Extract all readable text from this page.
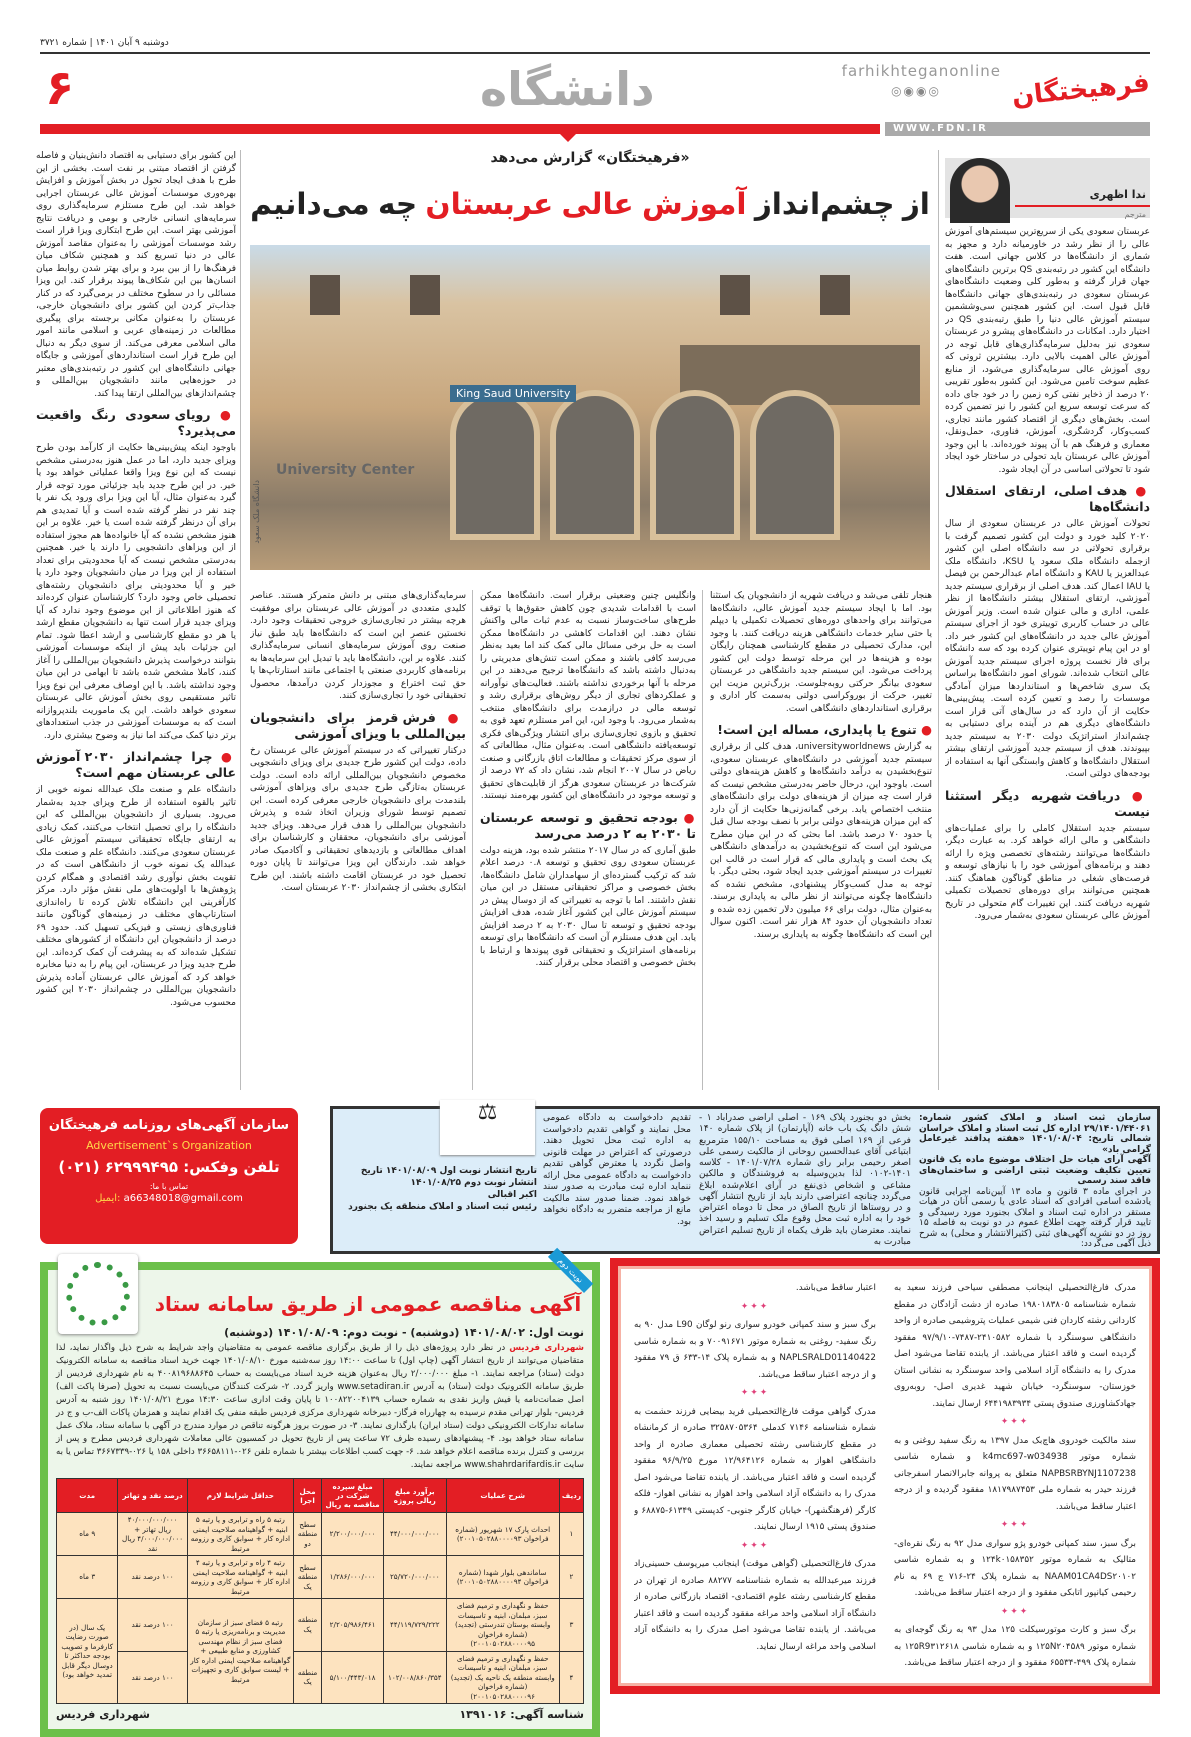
دوشنبه ۹ آبان ۱۴۰۱ | شماره ۳۷۲۱
فرهیختگان
farhikhteganonline
◎◉◉◎
دانشگاه
۶
WWW.FDN.IR
«فرهیختگان» گزارش می‌دهد
از چشم‌انداز آموزش عالی عربستان چه می‌دانیم
King Saud University
University Center
دانشگاه ملک سعود
ندا اظهری
مترجم

عربستان سعودی یکی از سریع‌ترین سیستم‌های آموزش عالی را از نظر رشد در خاورمیانه دارد و مجهز به شماری از دانشگاه‌ها در کلاس جهانی است. هفت دانشگاه این کشور در رتبه‌بندی QS برترین دانشگاه‌های جهان قرار گرفته و به‌طور کلی وضعیت دانشگاه‌های عربستان سعودی در رتبه‌بندی‌های جهانی دانشگاه‌ها قابل قبول است. این کشور همچنین سی‌وششمین سیستم آموزش عالی دنیا را طبق رتبه‌بندی QS در اختیار دارد. امکانات در دانشگاه‌های پیشرو در عربستان سعودی نیز به‌دلیل سرمایه‌گذاری‌های قابل توجه در آموزش عالی اهمیت بالایی دارد. بیشترین ثروتی که روی آموزش عالی سرمایه‌گذاری می‌شود، از منابع عظیم سوخت تامین می‌شود. این کشور به‌طور تقریبی ۲۰ درصد از ذخایر نفتی کره زمین را در خود جای داده که سرعت توسعه سریع این کشور را نیز تضمین کرده است. بخش‌های دیگری از اقتصاد کشور مانند تجاری، کسب‌وکار، گردشگری، آموزش، فناوری، حمل‌ونقل، معماری و فرهنگ هم با آن پیوند خورده‌اند. با این وجود آموزش عالی عربستان باید تحولی در ساختار خود ایجاد شود تا تحولاتی اساسی در آن ایجاد شود.

● هدف اصلی، ارتقای استقلال دانشگاه‌ها

تحولات آموزش عالی در عربستان سعودی از سال ۲۰۲۰ کلید خورد و دولت این کشور تصمیم گرفت با برقراری تحولاتی در سه دانشگاه اصلی این کشور ازجمله دانشگاه ملک سعود یا KSU، دانشگاه ملک عبدالعزیز یا KAU و دانشگاه امام عبدالرحمن بن فیصل یا IAU اعمال کند. هدف اصلی از برقراری سیستم جدید آموزشی، ارتقای استقلال بیشتر دانشگاه‌ها از نظر علمی، اداری و مالی عنوان شده است. وزیر آموزش عالی در حساب کاربری توییتری خود از اجرای سیستم آموزش عالی جدید در دانشگاه‌های این کشور خبر داد. او در این پیام توییتری عنوان کرده بود که سه دانشگاه برای فاز نخست پروژه اجرای سیستم جدید آموزش عالی انتخاب شده‌اند. شورای امور دانشگاه‌ها براساس یک سری شاخص‌ها و استانداردها میزان آمادگی موسسات را رصد و تعیین کرده است. پیش‌بینی‌ها حکایت از آن دارد که در سال‌های آتی قرار است دانشگاه‌های دیگری هم در آینده برای دستیابی به چشم‌انداز استراتژیک دولت ۲۰۳۰ به سیستم جدید بپیوندند. هدف از سیستم جدید آموزشی ارتقای بیشتر استقلال دانشگاه‌ها و کاهش وابستگی آنها به استفاده از بودجه‌های دولتی است.

● دریافت شهریه دیگر استثنا نیست

سیستم جدید استقلال کاملی را برای عملیات‌های دانشگاهی و مالی ارائه خواهد کرد. به عبارت دیگر، دانشگاه‌ها می‌توانند رشته‌های تخصصی ویژه را ارائه دهند و برنامه‌های آموزشی خود را با نیازهای توسعه و فرصت‌های شغلی در مناطق گوناگون هماهنگ کنند. همچنین می‌توانند برای دوره‌های تحصیلات تکمیلی شهریه دریافت کنند. این تغییرات گام متحولی در تاریخ آموزش عالی عربستان سعودی به‌شمار می‌رود.

هنجار تلقی می‌شد و دریافت شهریه از دانشجویان یک استثنا بود. اما با ایجاد سیستم جدید آموزش عالی، دانشگاه‌ها می‌توانند برای واحدهای دوره‌های تحصیلات تکمیلی یا دیپلم یا حتی سایر خدمات دانشگاهی هزینه دریافت کنند. با وجود این، مدارک تحصیلی در مقطع کارشناسی همچنان رایگان بوده و هزینه‌ها در این مرحله توسط دولت این کشور پرداخت می‌شود. این سیستم جدید دانشگاهی در عربستان سعودی بیانگر حرکتی روبه‌جلوست. بزرگ‌ترین مزیت این تغییر، حرکت از بوروکراسی دولتی به‌سمت کار اداری و برقراری استانداردهای دانشگاهی است.

● تنوع یا پایداری، مساله این است!

به گزارش universityworldnews، هدف کلی از برقراری سیستم جدید آموزشی در دانشگاه‌های عربستان سعودی، تنوع‌بخشیدن به درآمد دانشگاه‌ها و کاهش هزینه‌های دولتی است. باوجود این، درحال حاضر به‌درستی مشخص نیست که قرار است چه میزان از هزینه‌های دولت برای دانشگاه‌های منتخب اختصاص یابد. برخی گمانه‌زنی‌ها حکایت از آن دارد که این میزان هزینه‌های دولتی برابر با نصف بودجه سال قبل یا حدود ۷۰ درصد باشد. اما بحثی که در این میان مطرح می‌شود این است که تنوع‌بخشیدن به درآمدهای دانشگاهی یک بحث است و پایداری مالی که قرار است در قالب این تغییرات در سیستم آموزشی جدید ایجاد شود، بحثی دیگر. با توجه به مدل کسب‌وکار پیشنهادی، مشخص نشده که دانشگاه‌ها چگونه می‌توانند از نظر مالی به پایداری برسند. به‌عنوان مثال، دولت برای ۶۶ میلیون دلار تخمین زده شده و تعداد دانشجویان آن حدود ۸۴ هزار نفر است. اکنون سوال این است که دانشگاه‌ها چگونه به پایداری برسند.

وانگلیس چنین وضعیتی برقرار است. دانشگاه‌ها ممکن است با اقدامات شدیدی چون کاهش حقوق‌ها یا توقف طرح‌های ساخت‌وساز نسبت به عدم ثبات مالی واکنش نشان دهند. این اقدامات کاهشی در دانشگاه‌ها ممکن است به حل برخی مسائل مالی کمک کند اما بعید به‌نظر می‌رسد کافی باشند و ممکن است تنش‌های مدیریتی را به‌دنبال داشته باشد که دانشگاه‌ها ترجیح می‌دهند در این مرحله با آنها برخوردی نداشته باشند. فعالیت‌های نوآورانه و عملکردهای تجاری از دیگر روش‌های برقراری رشد و توسعه مالی در درازمدت برای دانشگاه‌های منتخب به‌شمار می‌رود. با وجود این، این امر مستلزم تعهد قوی به تحقیق و بازوی تجاری‌سازی برای انتشار ویژگی‌های فکری توسعه‌یافته دانشگاهی است. به‌عنوان مثال، مطالعاتی که از سوی مرکز تحقیقات و مطالعات اتاق بازرگانی و صنعت ریاض در سال ۲۰۰۷ انجام شد، نشان داد که ۷۲ درصد از شرکت‌ها در عربستان سعودی هرگز از قابلیت‌های تحقیق و توسعه موجود در دانشگاه‌های این کشور بهره‌مند نیستند.

● بودجه تحقیق و توسعه عربستان تا ۲۰۳۰ به ۲ درصد می‌رسد

طبق آماری که در سال ۲۰۱۷ منتشر شده بود، هزینه دولت عربستان سعودی روی تحقیق و توسعه ۰.۸ درصد اعلام شد که ترکیب گسترده‌ای از سهامداران شامل دانشگاه‌ها، بخش خصوصی و مراکز تحقیقاتی مستقل در این میان نقش داشتند. اما با توجه به تغییراتی که از دوسال پیش در سیستم آموزش عالی این کشور آغاز شده، هدف افزایش بودجه تحقیق و توسعه تا سال ۲۰۳۰ به ۲ درصد افزایش یابد. این هدف مستلزم آن است که دانشگاه‌ها برای توسعه برنامه‌های استراتژیک و تحقیقاتی قوی پیوندها و ارتباط با بخش خصوصی و اقتصاد محلی برقرار کنند.

سرمایه‌گذاری‌های مبتنی بر دانش متمرکز هستند. عناصر کلیدی متعددی در آموزش عالی عربستان برای موفقیت هرچه بیشتر در تجاری‌سازی خروجی تحقیقات وجود دارد. نخستین عنصر این است که دانشگاه‌ها باید طبق نیاز صنعت روی آموزش سرمایه‌های انسانی سرمایه‌گذاری کنند. علاوه بر این، دانشگاه‌ها باید با تبدیل این سرمایه‌ها به برنامه‌های کاربردی صنعتی یا اجتماعی مانند استارتاپ‌ها یا حق ثبت اختراع و مجوزدار کردن درآمدها، محصول تحقیقاتی خود را تجاری‌سازی کنند.

● فرش قرمز برای دانشجویان بین‌المللی با ویزای آموزشی

درکنار تغییراتی که در سیستم آموزش عالی عربستان رخ داده، دولت این کشور طرح جدیدی برای ویزای دانشجویی مخصوص دانشجویان بین‌المللی ارائه داده است. دولت عربستان به‌تازگی طرح جدیدی برای ویزاهای آموزشی بلندمدت برای دانشجویان خارجی معرفی کرده است. این تصمیم توسط شورای وزیران اتخاذ شده و پذیرش دانشجویان بین‌المللی را هدف قرار می‌دهد. ویزای جدید آموزشی برای دانشجویان، محققان و کارشناسان برای اهداف مطالعاتی و بازدیدهای تحقیقاتی و آکادمیک صادر خواهد شد. دارندگان این ویزا می‌توانند تا پایان دوره تحصیل خود در عربستان اقامت داشته باشند. این طرح ابتکاری بخشی از چشم‌انداز ۲۰۳۰ عربستان است.

این کشور برای دستیابی به اقتصاد دانش‌بنیان و فاصله گرفتن از اقتصاد مبتنی بر نفت است. بخشی از این طرح با هدف ایجاد تحول در بخش آموزش و افزایش بهره‌وری موسسات آموزش عالی عربستان اجرایی خواهد شد. این طرح مستلزم سرمایه‌گذاری روی سرمایه‌های انسانی خارجی و بومی و دریافت نتایج آموزشی بهتر است. این طرح ابتکاری ویزا قرار است رشد موسسات آموزشی را به‌عنوان مقاصد آموزش عالی در دنیا تسریع کند و همچنین شکاف میان فرهنگ‌ها را از بین ببرد و برای بهتر شدن روابط میان انسان‌ها بین این شکاف‌ها پیوند برقرار کند. این ویزا مسائلی را در سطوح مختلف در برمی‌گیرد که در کنار جذاب‌تر کردن این کشور برای دانشجویان خارجی، عربستان را به‌عنوان مکانی برجسته برای پیگیری مطالعات در زمینه‌های عربی و اسلامی مانند امور مالی اسلامی معرفی می‌کند. از سوی دیگر به دنبال این طرح قرار است استانداردهای آموزشی و جایگاه جهانی دانشگاه‌های این کشور در رتبه‌بندی‌های معتبر در حوزه‌هایی مانند دانشجویان بین‌المللی و چشم‌اندازهای بین‌المللی ارتقا پیدا کند.

● رویای سعودی رنگ واقعیت می‌پذیرد؟

باوجود اینکه پیش‌بینی‌ها حکایت از کارآمد بودن طرح ویزای جدید دارد، اما در عمل هنوز به‌درستی مشخص نیست که این نوع ویزا واقعا عملیاتی خواهد بود یا خیر. در این طرح جدید باید جزئیاتی مورد توجه قرار گیرد به‌عنوان مثال، آیا این ویزا برای ورود یک نفر یا چند نفر در نظر گرفته شده است و آیا تمدیدی هم برای آن درنظر گرفته شده است یا خیر. علاوه بر این هنوز مشخص نشده که آیا خانواده‌ها هم مجوز استفاده از این ویزاهای دانشجویی را دارند یا خیر. همچنین به‌درستی مشخص نیست که آیا محدودیتی برای تعداد استفاده از این ویزا در میان دانشجویان وجود دارد یا خیر و آیا محدودیتی برای دانشجویان رشته‌های تحصیلی خاص وجود دارد؟ کارشناسان عنوان کرده‌اند که هنوز اطلاعاتی از این موضوع وجود ندارد که آیا ویزای جدید قرار است تنها به دانشجویان مقطع ارشد یا هر دو مقطع کارشناسی و ارشد اعطا شود. تمام این جزئیات باید پیش از اینکه موسسات آموزشی بتوانند درخواست پذیرش دانشجویان بین‌المللی را آغاز کنند، کاملا مشخص شده باشد تا ابهامی در این میان وجود نداشته باشد. با این اوصاف معرفی این نوع ویزا تاثیر مستقیمی روی بخش آموزش عالی عربستان سعودی خواهد داشت. این یک ماموریت بلندپروازانه است که به موسسات آموزشی در جذب استعدادهای برتر دنیا کمک می‌کند اما نیاز به وضوح بیشتری دارد.

● چرا چشم‌انداز ۲۰۳۰ آموزش عالی عربستان مهم است؟

دانشگاه علم و صنعت ملک عبدالله نمونه خوبی از تاثیر بالقوه استفاده از طرح ویزای جدید به‌شمار می‌رود. بسیاری از دانشجویان بین‌المللی که این دانشگاه را برای تحصیل انتخاب می‌کنند، کمک زیادی به ارتقای جایگاه تحقیقاتی سیستم آموزش عالی عربستان سعودی می‌کنند. دانشگاه علم و صنعت ملک عبدالله یک نمونه خوب از دانشگاهی است که در تقویت بخش نوآوری رشد اقتصادی و همگام کردن پژوهش‌ها با اولویت‌های ملی نقش مؤثر دارد. مرکز کارآفرینی این دانشگاه تلاش کرده تا راه‌اندازی استارتاپ‌های مختلف در زمینه‌های گوناگون مانند فناوری‌های زیستی و فیزیکی تسهیل کند. حدود ۶۹ درصد از دانشجویان این دانشگاه از کشورهای مختلف تشکیل شده‌اند که به پیشرفت آن کمک کرده‌اند. این طرح جدید ویزا در عربستان، این پیام را به دنیا مخابره خواهد کرد که آموزش عالی عربستان آماده پذیرش دانشجویان بین‌المللی در چشم‌انداز ۲۰۳۰ این کشور محسوب می‌شود.

سازمان آگهی‌های روزنامه فرهیختگان
Advertisement`s Organization
تلفن وفکس: ۶۲۹۹۹۴۹۵ (۰۲۱)
تماس با ما:
ایمیل: a66348018@gmail.com
سازمان ثبت اسناد و املاک کشور شماره: ۲۹/۱۴۰۱/۴۴۰۶۱ اداره کل ثبت اسناد و املاک خراسان شمالی تاریخ: ۱۴۰۱/۰۸/۰۴ «هفته پدافند غیرعامل گرامی باد»
آگهی آرای هیات حل اختلاف موضوع ماده یک قانون تعیین تکلیف وضعیت ثبتی اراضی و ساختمان‌های فاقد سند رسمی
در اجرای ماده ۳ قانون و ماده ۱۳ آیین‌نامه اجرایی قانون یادشده اسامی افرادی که اسناد عادی یا رسمی آنان در هیات مستقر در اداره ثبت اسناد و املاک بجنورد مورد رسیدگی و تایید قرار گرفته جهت اطلاع عموم در دو نوبت به فاصله ۱۵ روز در دو نشریه آگهی‌های ثبتی (کثیرالانتشار و محلی) به شرح ذیل آگهی می‌گردد:
بخش دو بجنورد پلاک ۱۶۹ - اصلی اراضی صدرآباد ۱ - شش دانگ یک باب خانه (آپارتمان) از پلاک شماره ۱۴۰ فرعی از ۱۶۹ اصلی فوق به مساحت ۱۵۵/۱۰ مترمربع ابتیاعی آقای عبدالحسین روحانی از مالکیت رسمی علی اصغر رحیمی برابر رای شماره ۱۴۰۱/۰۷/۲۸ - کلاسه ۱۴۰۱-۰۱۰۲ لذا بدین‌وسیله به فروشندگان و مالکین مشاعی و اشخاص ذی‌نفع در آرای اعلام‌شده ابلاغ می‌گردد چنانچه اعتراضی دارند باید از تاریخ انتشار آگهی و در روستاها از تاریخ الصاق در محل تا دوماه اعتراض خود را به اداره ثبت محل وقوع ملک تسلیم و رسید اخذ نمایند. معترضان باید ظرف یکماه از تاریخ تسلیم اعتراض مبادرت به
تقدیم دادخواست به دادگاه عمومی محل نمایند و گواهی تقدیم دادخواست به اداره ثبت محل تحویل دهند. درصورتی که اعتراض در مهلت قانونی واصل نگردد یا معترض گواهی تقدیم دادخواست به دادگاه عمومی محل ارائه ننماید اداره ثبت مبادرت به صدور سند خواهد نمود. ضمنا صدور سند مالکیت مانع از مراجعه متضرر به دادگاه نخواهد بود.
تاریخ انتشار نوبت اول ۱۴۰۱/۰۸/۰۹ تاریخ انتشار نوبت دوم ۱۴۰۱/۰۸/۲۵
اکبر اقبالی
رئیس ثبت اسناد و املاک منطقه یک بجنورد
⚖
آگهی مناقصه عمومی از طریق سامانه ستاد
نوبت اول: ۱۴۰۱/۰۸/۰۲ (دوشنبه) - نوبت دوم: ۱۴۰۱/۰۸/۰۹ (دوشنبه)
شهرداری فردیس در نظر دارد پروژه‌های ذیل را از طریق برگزاری مناقصه عمومی به متقاضیان واجد شرایط به شرح ذیل واگذار نماید، لذا متقاضیان می‌توانند از تاریخ انتشار آگهی (چاپ اول) تا ساعت ۱۴:۰۰ روز سه‌شنبه مورخ ۱۴۰۱/۰۸/۱۰ جهت خرید اسناد مناقصه به سامانه الکترونیک دولت (ستاد) مراجعه نمایند. ۱- مبلغ ۲/۰۰۰/۰۰۰ ریال به‌عنوان هزینه خرید اسناد می‌بایست به حساب ۴۰۰۸۱۹۶۸۸۶۴۵ به نام شهرداری فردیس از طریق سامانه الکترونیک دولت (ستاد) به آدرس www.setadiran.ir واریز گردد. ۲- شرکت کنندگان می‌بایست نسبت به تحویل (صرفا پاکت الف) اصل ضمانت‌نامه یا فیش واریز نقدی به شماره حساب ۱۰۰۸۲۲۰۰۴۱۳۹ تا پایان وقت اداری ساعت ۱۴:۳۰ مورخ ۱۴۰۱/۰۸/۲۱ روز شنبه به آدرس فردیس- بلوار تهرانی مقدم نرسیده به چهارراه فرگاز- دبیرخانه شهرداری مرکزی فردیس طبقه منفی یک اقدام نمایند و همزمان پاکات الف-ب و ج در سامانه تدارکات الکترونیکی دولت (ستاد ایران) بارگذاری نمایند. ۳- در صورت بروز هرگونه تناقص در موارد مندرج در آگهی با سامانه ستاد، ملاک عمل سامانه ستاد خواهد بود. ۴- پیشنهادهای رسیده ظرف ۷۲ ساعت پس از تاریخ تحویل در کمسیون عالی معاملات شهرداری فردیس مطرح و پس از بررسی و کنترل برنده مناقصه اعلام خواهد شد. ۶- جهت کسب اطلاعات بیشتر با شماره تلفن ۰۲۶-۳۶۶۵۸۱۱۱ داخلی ۱۵۸ یا ۰۲۶-۳۶۶۷۳۳۹ تماس یا به سایت www.shahrdarifardis.ir مراجعه نمایند.
ردیف	شرح عملیات	برآورد مبلغ ریالی پروژه	مبلغ سپرده شرکت در مناقصه به ریال	محل اجرا	حداقل شرایط لازم	درصد نقد و تهاتر	مدت
۱	احداث پارک ۱۷ شهریور (شماره فراخوان ۲۰۰۱۰۵۰۲۸۸۰۰۰۰۹۳)	۴۴/۰۰۰/۰۰۰/۰۰۰	۲/۲۰۰/۰۰۰/۰۰۰	سطح منطقه دو	رتبه ۵ راه و ترابری و یا رتبه ۵ ابنیه + گواهینامه صلاحیت ایمنی اداره کار + سوابق کاری و رزومه مرتبط	۴۰/۰۰۰/۰۰۰/۰۰۰ ریال تهاتر + ۴/۰۰۰/۰۰۰/۰۰۰ ریال نقد	۹ ماه
۲	ساماندهی بلوار شهدا (شماره فراخوان ۲۰۰۱۰۵۰۲۸۸۰۰۰۰۹۴)	۲۵/۷۲۰/۰۰۰/۰۰۰	۱/۲۸۶/۰۰۰/۰۰۰	سطح منطقه یک	رتبه ۴ راه و ترابری و یا رتبه ۴ ابنیه + گواهینامه صلاحیت ایمنی اداره کار + سوابق کاری و رزومه مرتبط	۱۰۰ درصد نقد	۳ ماه
۳	حفظ و نگهداری و ترمیم فضای سبز، مبلمان، ابنیه و تاسیسات وابسته بوستان تندرستی (تجدید) (شماره فراخوان ۲۰۰۱۰۵۰۲۸۸۰۰۰۰۹۵)	۴۴/۱۱۹/۷۲۹/۲۲۲	۲/۲۰۵/۹۸۶/۴۶۱	منطقه یک	رتبه ۵ فضای سبز از سازمان مدیریت و برنامه‌ریزی یا رتبه ۵ فضای سبز از نظام مهندسی کشاورزی و منابع طبیعی + گواهینامه صلاحیت ایمنی اداره کار + لیست سوابق کاری و تجهیزات مرتبط	۱۰۰ درصد نقد	یک سال (در صورت رضایت کارفرما و تصویب بودجه حداکثر تا دوسال دیگر قابل تمدید خواهد بود)
۴	حفظ و نگهداری و ترمیم فضای سبز، مبلمان، ابنیه و تاسیسات وابسته منطقه یک ناحیه یک (تجدید) (شماره فراخوان ۲۰۰۱۰۵۰۲۸۸۰۰۰۰۹۶)	۱۰۲/۰۰۸/۸۶۰/۳۵۴	۵/۱۰۰/۴۴۳/۰۱۸	منطقه یک		۱۰۰ درصد نقد	
شناسه آگهی: ۱۳۹۱۰۱۶
شهرداری فردیس
نوبت دوم

مدرک فارغ‌التحصیلی اینجانب مصطفی سیاحی فرزند سعید به شماره شناسنامه ۱۹۸۰۱۸۳۸۰۵ صادره از دشت آزادگان در مقطع کاردانی رشته کاردان فنی شیمی عملیات پتروشیمی صادره از واحد دانشگاهی سوسنگرد با شماره ۲۴۱۰۵۸۲-۷۴۸۷-۹۷/۹/۱۰ مفقود گردیده است و فاقد اعتبار می‌باشد. از یابنده تقاضا می‌شود اصل مدرک را به دانشگاه آزاد اسلامی واحد سوسنگرد به نشانی استان خوزستان- سوسنگرد- خیابان شهید غدیری اصل- روبه‌روی جهادکشاورزی صندوق پستی ۶۴۴۱۹۸۳۹۳۴ ارسال نمایند.

✦✦✦

سند مالکیت خودروی هاچ‌بک مدل ۱۳۹۷ به رنگ سفید روغنی و به شماره موتور k4mc697-w034938 و شماره شاسی NAPBSRBYNJ1107238 متعلق به پروانه جابرالانصار اسفرجانی فرزند حیدر به شماره ملی ۱۸۱۷۹۸۷۴۵۳ مفقود گردیده و از درجه اعتبار ساقط می‌باشد.

✦✦✦

برگ سبز، سند کمپانی خودرو پژو سواری مدل ۹۲ به رنگ نقره‌ای- متالیک به شماره موتور ۱۲۴k۰۱۵۸۳۵۲ و به شماره شاسی NAAM01CA4DS۲۰۱۰۲ به شماره پلاک ۲۴-۷۱۶ ج ۶۹ به نام رحیمی کیانپور اتابکی مفقود و از درجه اعتبار ساقط می‌باشد.

✦✦✦

برگ سبز و کارت موتورسیکلت ۱۲۵ مدل ۹۳ به رنگ گوجه‌ای به شماره موتور ۱۲۵N۲۰۴۵۸۹ و به شماره شاسی ۱۲۵R9۳۱۲۶۱۸ به شماره پلاک ۴۹۹-۶۵۵۳۴ مفقود و از درجه اعتبار ساقط می‌باشد.

اعتبار ساقط می‌باشد.

✦✦✦

برگ سبز و سند کمپانی خودرو سواری رنو لوگان L90 مدل ۹۰ به رنگ سفید- روغنی به شماره موتور ۷۰۰۹۱۶۷۱ و به شماره شاسی NAPLSRALD01140422 و به شماره پلاک ۱۴-۶۳۳ ق ۷۹ مفقود و از درجه اعتبار ساقط می‌باشد.

✦✦✦

مدرک گواهی موقت فارغ‌التحصیلی فرید بیضایی فرزند حشمت به شماره شناسنامه ۷۱۴۶ کدملی ۳۲۵۸۷۰۵۳۶۴ صادره از کرمانشاه در مقطع کارشناسی رشته تحصیلی معماری صادره از واحد دانشگاهی اهواز به شماره ۱۲/۹۶۴۱۲۶ مورخ ۹۶/۹/۲۵ مفقود گردیده است و فاقد اعتبار می‌باشد. از یابنده تقاضا می‌شود اصل مدرک را به دانشگاه آزاد اسلامی واحد اهواز به نشانی اهواز- فلکه کارگر (فرهنگشهر)- خیابان کارگر جنوبی- کدپستی ۶۱۳۴۹-۶۸۸۷۵ و صندوق پستی ۱۹۱۵ ارسال نمایند.

✦✦✦

مدرک فارغ‌التحصیلی (گواهی موقت) اینجانب میریوسف حسینی‌زاد فرزند میرعبدالله به شماره شناسنامه ۸۸۲۷۷ صادره از تهران در مقطع کارشناسی رشته علوم اقتصادی- اقتصاد بازرگانی صادره از دانشگاه آزاد اسلامی واحد مراغه مفقود گردیده است و فاقد اعتبار می‌باشد. از یابنده تقاضا می‌شود اصل مدرک را به دانشگاه آزاد اسلامی واحد مراغه ارسال نماید.
